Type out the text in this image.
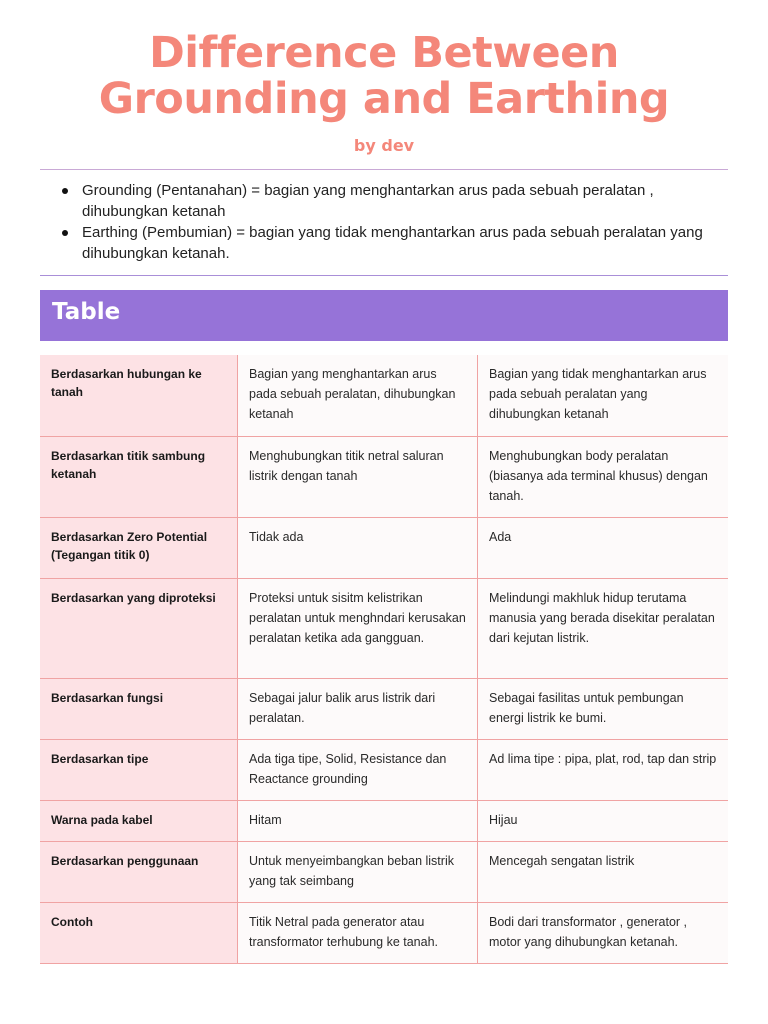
Difference Between
Grounding and Earthing
by dev
Grounding (Pentanahan) = bagian yang menghantarkan arus pada sebuah peralatan , dihubungkan ketanah
Earthing (Pembumian) = bagian yang tidak menghantarkan arus pada sebuah peralatan yang dihubungkan ketanah.
Table
Berdasarkan hubungan ke tanah	Bagian yang menghantarkan arus pada sebuah peralatan, dihubungkan ketanah	Bagian yang tidak menghantarkan arus pada sebuah peralatan yang dihubungkan ketanah
Berdasarkan titik sambung ketanah	Menghubungkan titik netral saluran listrik dengan tanah	Menghubungkan body peralatan (biasanya ada terminal khusus) dengan tanah.
Berdasarkan Zero Potential (Tegangan titik 0)	Tidak ada	Ada
Berdasarkan yang diproteksi	Proteksi untuk sisitm kelistrikan peralatan untuk menghndari kerusakan peralatan ketika ada gangguan.	Melindungi makhluk hidup terutama manusia yang berada disekitar peralatan dari kejutan listrik.
Berdasarkan fungsi	Sebagai jalur balik arus listrik dari peralatan.	Sebagai fasilitas untuk pembungan energi listrik ke bumi.
Berdasarkan tipe	Ada tiga tipe, Solid, Resistance dan Reactance grounding	Ad lima tipe : pipa, plat, rod, tap dan strip
Warna pada kabel	Hitam	Hijau
Berdasarkan penggunaan	Untuk menyeimbangkan beban listrik yang tak seimbang	Mencegah sengatan listrik
Contoh	Titik Netral pada generator atau transformator terhubung ke tanah.	Bodi dari transformator , generator , motor yang dihubungkan ketanah.
